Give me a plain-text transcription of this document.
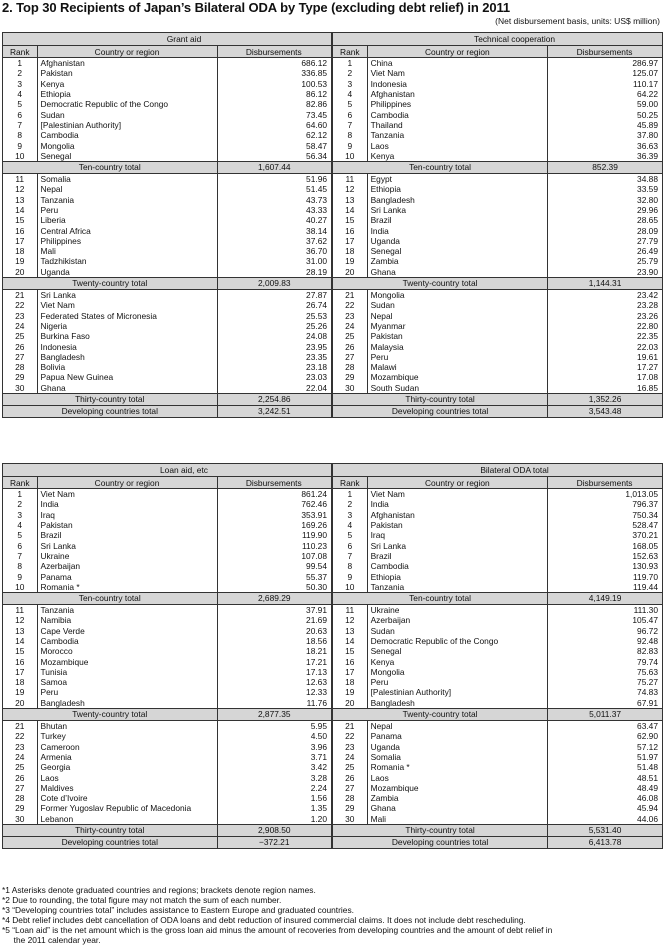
2. Top 30 Recipients of Japan’s Bilateral ODA by Type (excluding debt relief) in 2011
(Net disbursement basis, units: US$ million)
	Grant aid	
Rank	Country or region	Disbursements
1	Afghanistan	686.12
2	Pakistan	336.85
3	Kenya	100.53
4	Ethiopia	86.12
5	Democratic Republic of the Congo	82.86
6	Sudan	73.45
7	[Palestinian Authority]	64.60
8	Cambodia	62.12
9	Mongolia	58.47
10	Senegal	56.34
Ten-country total		1,607.44
11	Somalia	51.96
12	Nepal	51.45
13	Tanzania	43.73
14	Peru	43.33
15	Liberia	40.27
16	Central Africa	38.14
17	Philippines	37.62
18	Mali	36.70
19	Tadzhikistan	31.00
20	Uganda	28.19
Twenty-country total		2,009.83
21	Sri Lanka	27.87
22	Viet Nam	26.74
23	Federated States of Micronesia	25.53
24	Nigeria	25.26
25	Burkina Faso	24.08
26	Indonesia	23.95
27	Bangladesh	23.35
28	Bolivia	23.18
29	Papua New Guinea	23.03
30	Ghana	22.04
Thirty-country total		2,254.86
Developing countries total		3,242.51
	Technical cooperation	
Rank	Country or region	Disbursements
1	China	286.97
2	Viet Nam	125.07
3	Indonesia	110.17
4	Afghanistan	64.22
5	Philippines	59.00
6	Cambodia	50.25
7	Thailand	45.89
8	Tanzania	37.80
9	Laos	36.63
10	Kenya	36.39
Ten-country total		852.39
11	Egypt	34.88
12	Ethiopia	33.59
13	Bangladesh	32.80
14	Sri Lanka	29.96
15	Brazil	28.65
16	India	28.09
17	Uganda	27.79
18	Senegal	26.49
19	Zambia	25.79
20	Ghana	23.90
Twenty-country total		1,144.31
21	Mongolia	23.42
22	Sudan	23.28
23	Nepal	23.26
24	Myanmar	22.80
25	Pakistan	22.35
26	Malaysia	22.03
27	Peru	19.61
28	Malawi	17.27
29	Mozambique	17.08
30	South Sudan	16.85
Thirty-country total		1,352.26
Developing countries total		3,543.48
	Loan aid, etc	
Rank	Country or region	Disbursements
1	Viet Nam	861.24
2	India	762.46
3	Iraq	353.91
4	Pakistan	169.26
5	Brazil	119.90
6	Sri Lanka	110.23
7	Ukraine	107.08
8	Azerbaijan	99.54
9	Panama	55.37
10	Romania *	50.30
Ten-country total		2,689.29
11	Tanzania	37.91
12	Namibia	21.69
13	Cape Verde	20.63
14	Cambodia	18.56
15	Morocco	18.21
16	Mozambique	17.21
17	Tunisia	17.13
18	Samoa	12.63
19	Peru	12.33
20	Bangladesh	11.76
Twenty-country total		2,877.35
21	Bhutan	5.95
22	Turkey	4.50
23	Cameroon	3.96
24	Armenia	3.71
25	Georgia	3.42
26	Laos	3.28
27	Maldives	2.24
28	Cote d’Ivoire	1.56
29	Former Yugoslav Republic of Macedonia	1.35
30	Lebanon	1.20
Thirty-country total		2,908.50
Developing countries total		−372.21
	Bilateral ODA total	
Rank	Country or region	Disbursements
1	Viet Nam	1,013.05
2	India	796.37
3	Afghanistan	750.34
4	Pakistan	528.47
5	Iraq	370.21
6	Sri Lanka	168.05
7	Brazil	152.63
8	Cambodia	130.93
9	Ethiopia	119.70
10	Tanzania	119.44
Ten-country total		4,149.19
11	Ukraine	111.30
12	Azerbaijan	105.47
13	Sudan	96.72
14	Democratic Republic of the Congo	92.48
15	Senegal	82.83
16	Kenya	79.74
17	Mongolia	75.63
18	Peru	75.27
19	[Palestinian Authority]	74.83
20	Bangladesh	67.91
Twenty-country total		5,011.37
21	Nepal	63.47
22	Panama	62.90
23	Uganda	57.12
24	Somalia	51.97
25	Romania *	51.48
26	Laos	48.51
27	Mozambique	48.49
28	Zambia	46.08
29	Ghana	45.94
30	Mali	44.06
Thirty-country total		5,531.40
Developing countries total		6,413.78
*1 Asterisks denote graduated countries and regions; brackets denote region names.
*2 Due to rounding, the total figure may not match the sum of each number.
*3 “Developing countries total” includes assistance to Eastern Europe and graduated countries.
*4 Debt relief includes debt cancellation of ODA loans and debt reduction of insured commercial claims. It does not include debt rescheduling.
*5 “Loan aid” is the net amount which is the gross loan aid minus the amount of recoveries from developing countries and the amount of debt relief in
the 2011 calendar year.
